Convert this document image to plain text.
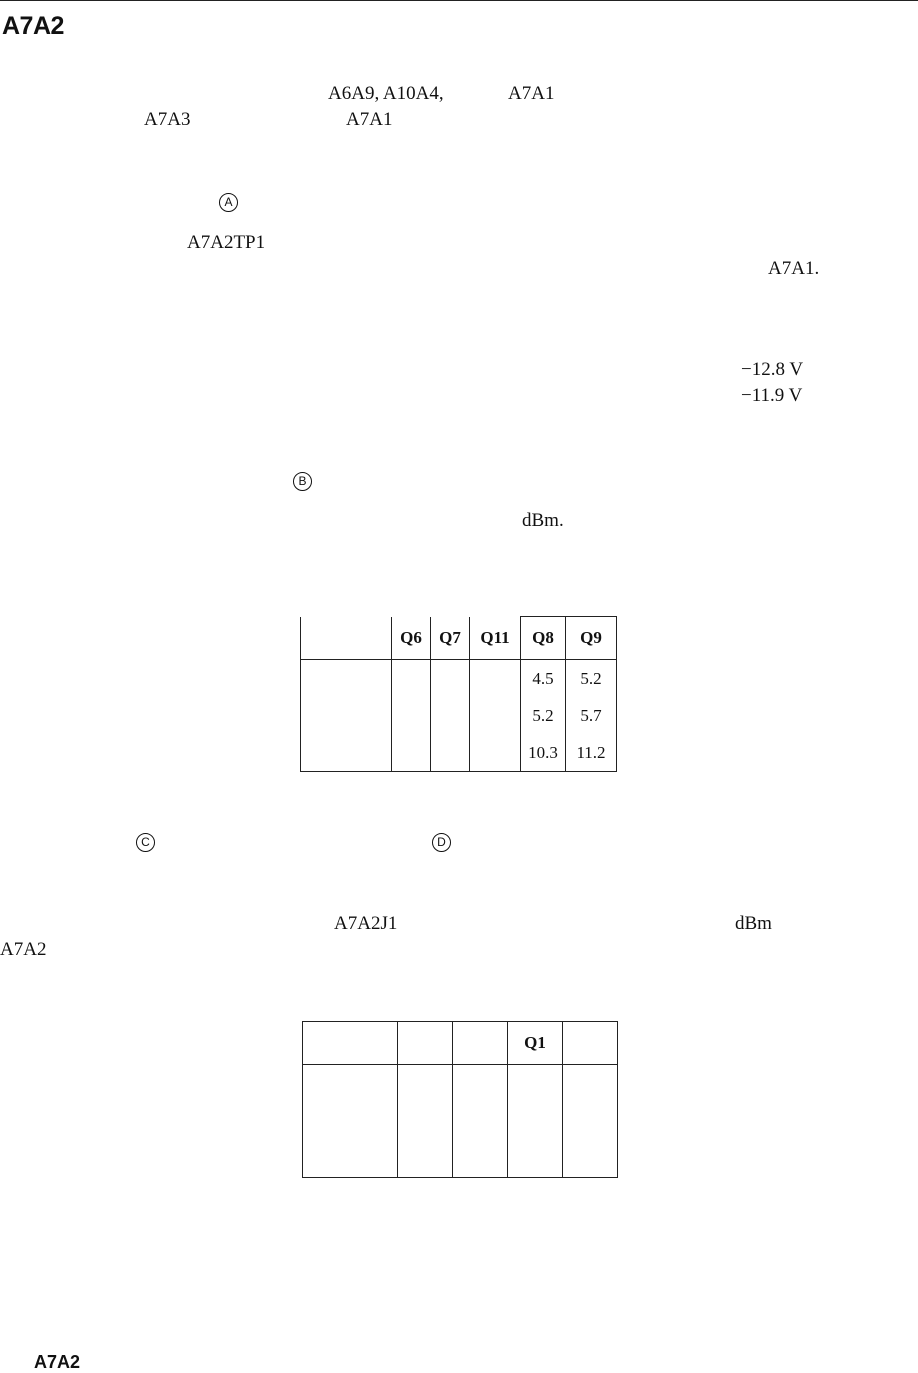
A7A2
A6A9, A10A4,	A7A1
A7A3	A7A1
A
A7A2TP1
A7A1.
−12.8 V
−11.9 V
B
dBm.
	Q6	Q7	Q11	Q8	Q9
				4.5	5.2
				5.2	5.7
				10.3	11.2
C	D
A7A2J1	dBm
A7A2
			Q1	

A7A2
